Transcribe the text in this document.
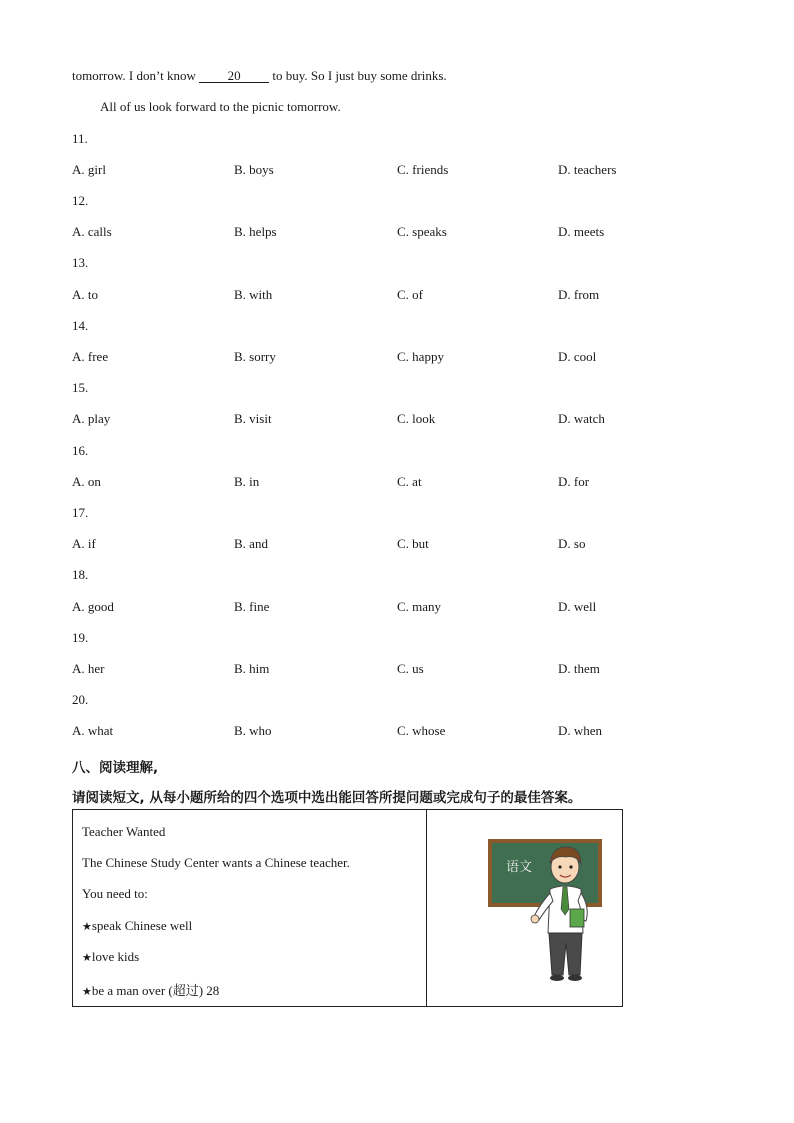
tomorrow. I don’t know 20 to buy. So I just buy some drinks.
All of us look forward to the picnic tomorrow.
11.
A. girl	B. boys	C. friends	D. teachers
12.
A. calls	B. helps	C. speaks	D. meets
13.
A. to	B. with	C. of	D. from
14.
A. free	B. sorry	C. happy	D. cool
15.
A. play	B. visit	C. look	D. watch
16.
A. on	B. in	C. at	D. for
17.
A. if	B. and	C. but	D. so
18.
A. good	B. fine	C. many	D. well
19.
A. her	B. him	C. us	D. them
20.
A. what	B. who	C. whose	D. when
八、阅读理解,
请阅读短文, 从每小题所给的四个选项中选出能回答所提问题或完成句子的最佳答案。
Teacher Wanted
The Chinese Study Center wants a Chinese teacher.
You need to:
★speak Chinese well
★love kids
★be a man over (超过) 28
语文
